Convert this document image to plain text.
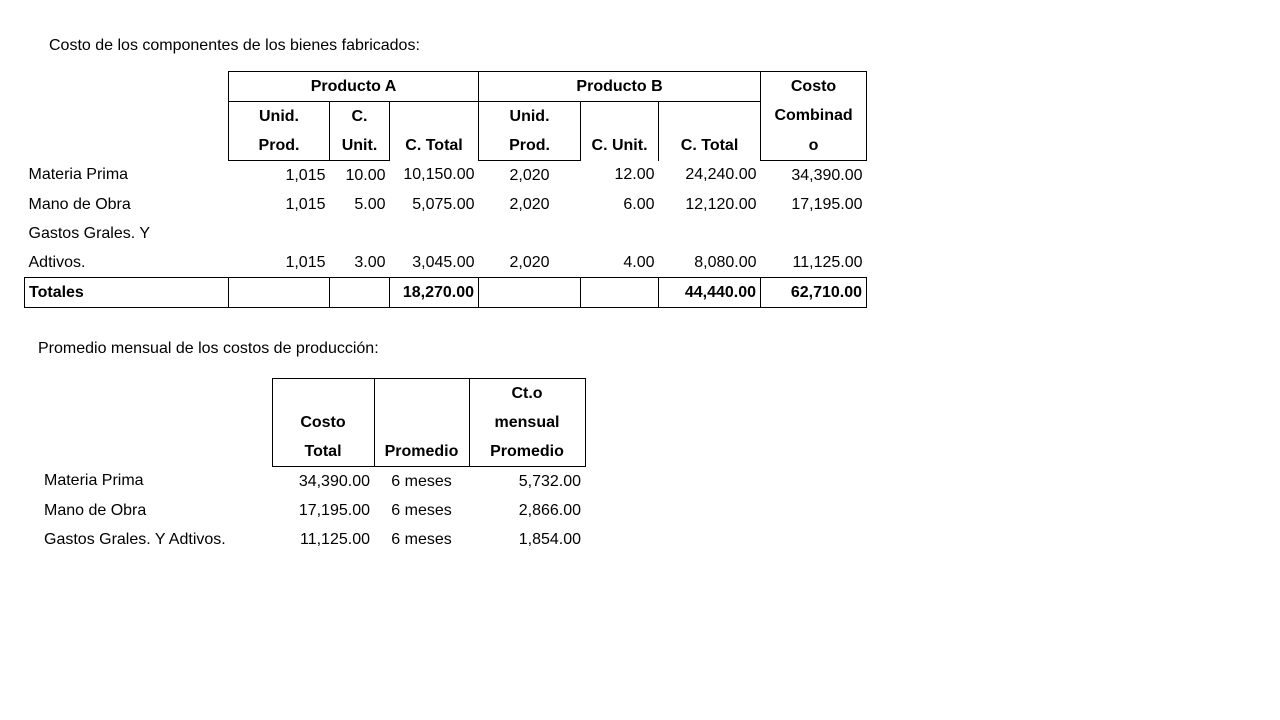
Costo de los componentes de los bienes fabricados:
	Producto A			Producto B			Costo
	Unid.	C.	C. Total	Unid.	C. Unit.	C. Total	Combinad
	Prod.	Unit.		Prod.			o
Materia Prima	1,015	10.00	10,150.00	2,020	12.00	24,240.00	34,390.00
Mano de Obra	1,015	5.00	5,075.00	2,020	6.00	12,120.00	17,195.00
Gastos Grales. Y							
Adtivos.	1,015	3.00	3,045.00	2,020	4.00	8,080.00	11,125.00
Totales			18,270.00			44,440.00	62,710.00
Promedio mensual de los costos de producción:
			Ct.o
	Costo		mensual
	Total	Promedio	Promedio
Materia Prima	34,390.00	6 meses	5,732.00
Mano de Obra	17,195.00	6 meses	2,866.00
Gastos Grales. Y Adtivos.	11,125.00	6 meses	1,854.00
